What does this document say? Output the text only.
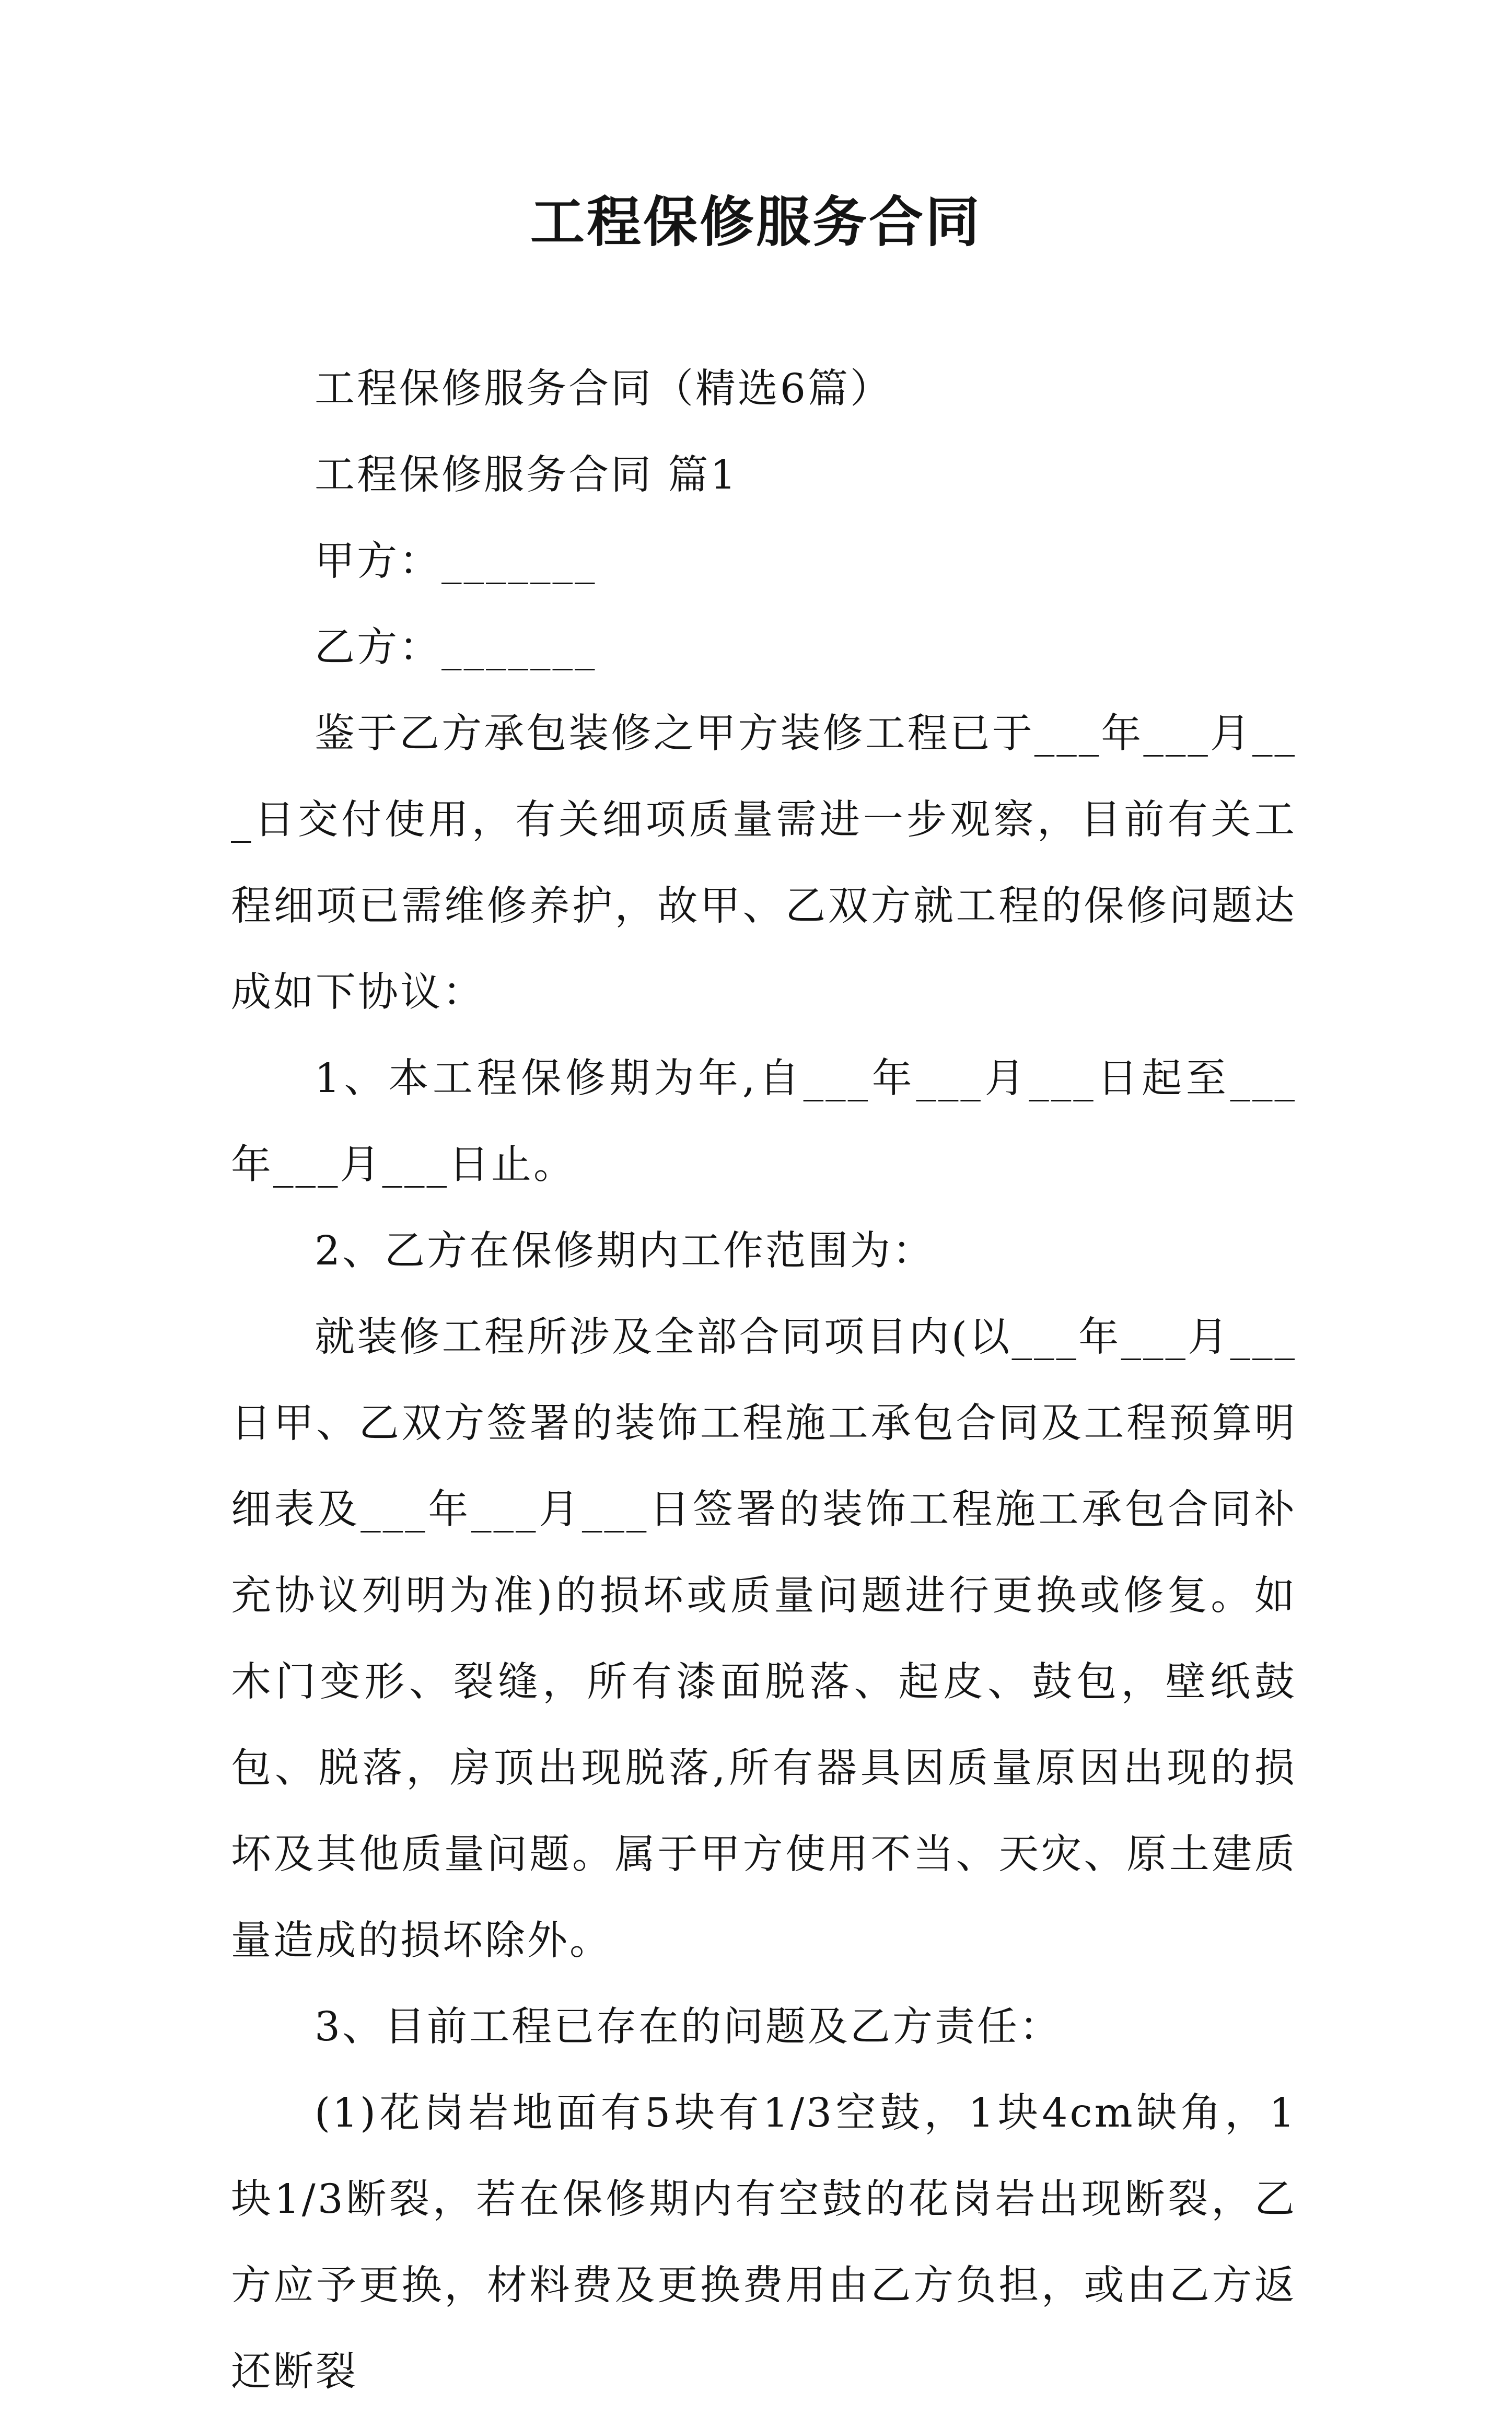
工程保修服务合同

工程保修服务合同（精选6篇）

工程保修服务合同 篇1

甲方：_______

乙方：_______

鉴于乙方承包装修之甲方装修工程已于___年___月___日交付使用，有关细项质量需进一步观察，目前有关工程细项已需维修养护，故甲、乙双方就工程的保修问题达成如下协议：

1、本工程保修期为年,自___年___月___日起至___年___月___日止。

2、乙方在保修期内工作范围为：

就装修工程所涉及全部合同项目内(以___年___月___日甲、乙双方签署的装饰工程施工承包合同及工程预算明细表及___年___月___日签署的装饰工程施工承包合同补充协议列明为准)的损坏或质量问题进行更换或修复。如木门变形、裂缝，所有漆面脱落、起皮、鼓包，壁纸鼓包、脱落，房顶出现脱落,所有器具因质量原因出现的损坏及其他质量问题。属于甲方使用不当、天灾、原土建质量造成的损坏除外。

3、目前工程已存在的问题及乙方责任：

(1)花岗岩地面有5块有1/3空鼓，1块4cm缺角，1块1/3断裂，若在保修期内有空鼓的花岗岩出现断裂，乙方应予更换，材料费及更换费用由乙方负担，或由乙方返还断裂
